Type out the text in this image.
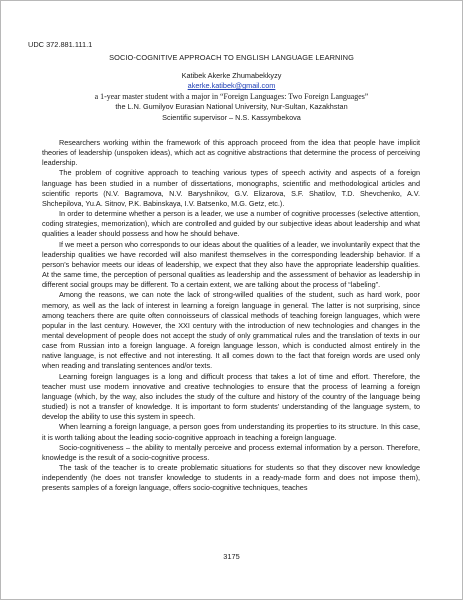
UDC 372.881.111.1
SOCIO-COGNITIVE APPROACH TO ENGLISH LANGUAGE LEARNING
Katibek Akerke Zhumabekkyzy
akerke.katibek@gmail.com
a 1-year master student with a major in “Foreign Languages: Two Foreign Languages”
the L.N. Gumilyov Eurasian National University, Nur-Sultan, Kazakhstan
Scientific supervisor – N.S. Kassymbekova

Researchers working within the framework of this approach proceed from the idea that people have implicit theories of leadership (unspoken ideas), which act as cognitive abstractions that determine the process of perceiving leadership.

The problem of cognitive approach to teaching various types of speech activity and aspects of a foreign language has been studied in a number of dissertations, monographs, scientific and methodological articles and scientific reports (N.V. Bagramova, N.V. Baryshnikov, G.V. Elizarova, S.F. Shatilov, T.D. Shevchenko, A.V. Shchepilova, Yu.A. Sitnov, P.K. Babinskaya, I.V. Batsenko, M.G. Getz, etc.).

In order to determine whether a person is a leader, we use a number of cognitive processes (selective attention, coding strategies, memorization), which are controlled and guided by our subjective ideas about leadership and what qualities a leader should possess and how he should behave.

If we meet a person who corresponds to our ideas about the qualities of a leader, we involuntarily expect that the leadership qualities we have recorded will also manifest themselves in the corresponding leadership behavior. If a person’s behavior meets our ideas of leadership, we expect that they also have the appropriate leadership qualities. At the same time, the perception of personal qualities as leadership and the assessment of behavior as leadership in different social groups may be different. To a certain extent, we are talking about the process of “labeling”.

Among the reasons, we can note the lack of strong-willed qualities of the student, such as hard work, poor memory, as well as the lack of interest in learning a foreign language in general. The latter is not surprising, since among teachers there are quite often connoisseurs of classical methods of teaching foreign languages, which were popular in the last century. However, the XXI century with the introduction of new technologies and changes in the mental development of people does not accept the study of only grammatical rules and the translation of texts in our case from Russian into a foreign language. A foreign language lesson, which is conducted almost entirely in the native language, is not effective and not interesting. It all comes down to the fact that foreign words are used only when reading and translating sentences and/or texts.

Learning foreign languages is a long and difficult process that takes a lot of time and effort. Therefore, the teacher must use modern innovative and creative technologies to ensure that the process of learning a foreign language (which, by the way, also includes the study of the culture and history of the country of the language being studied) is not a transfer of knowledge. It is important to form students’ understanding of the language system, to develop the ability to use this system in speech.

When learning a foreign language, a person goes from understanding its properties to its structure. In this case, it is worth talking about the leading socio-cognitive approach in teaching a foreign language.

Socio-cognitiveness – the ability to mentally perceive and process external information by a person. Therefore, knowledge is the result of a socio-cognitive process.

The task of the teacher is to create problematic situations for students so that they discover new knowledge independently (he does not transfer knowledge to students in a ready-made form and does not impose them), presents samples of a foreign language, offers socio-cognitive techniques, teaches

3175
